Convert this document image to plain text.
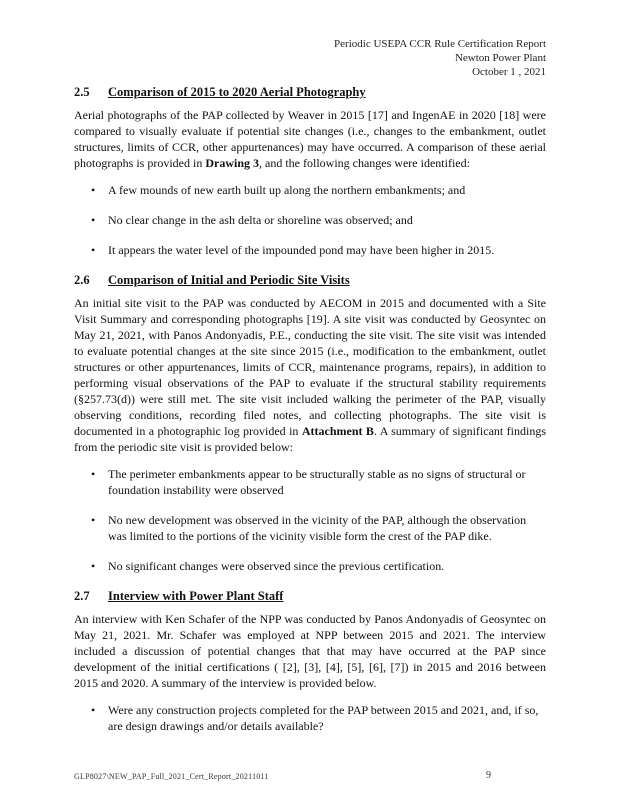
Periodic USEPA CCR Rule Certification Report
Newton Power Plant
October 1 , 2021
2.5	Comparison of 2015 to 2020 Aerial Photography

Aerial photographs of the PAP collected by Weaver in 2015 [17] and IngenAE in 2020 [18] were compared to visually evaluate if potential site changes (i.e., changes to the embankment, outlet structures, limits of CCR, other appurtenances) may have occurred. A comparison of these aerial photographs is provided in Drawing 3, and the following changes were identified:

• A few mounds of new earth built up along the northern embankments; and
• No clear change in the ash delta or shoreline was observed; and
• It appears the water level of the impounded pond may have been higher in 2015.
2.6	Comparison of Initial and Periodic Site Visits

An initial site visit to the PAP was conducted by AECOM in 2015 and documented with a Site Visit Summary and corresponding photographs [19]. A site visit was conducted by Geosyntec on May 21, 2021, with Panos Andonyadis, P.E., conducting the site visit. The site visit was intended to evaluate potential changes at the site since 2015 (i.e., modification to the embankment, outlet structures or other appurtenances, limits of CCR, maintenance programs, repairs), in addition to performing visual observations of the PAP to evaluate if the structural stability requirements (§257.73(d)) were still met. The site visit included walking the perimeter of the PAP, visually observing conditions, recording filed notes, and collecting photographs. The site visit is documented in a photographic log provided in Attachment B. A summary of significant findings from the periodic site visit is provided below:

• The perimeter embankments appear to be structurally stable as no signs of structural or foundation instability were observed
• No new development was observed in the vicinity of the PAP, although the observation was limited to the portions of the vicinity visible form the crest of the PAP dike.
• No significant changes were observed since the previous certification.
2.7	Interview with Power Plant Staff

An interview with Ken Schafer of the NPP was conducted by Panos Andonyadis of Geosyntec on May 21, 2021. Mr. Schafer was employed at NPP between 2015 and 2021. The interview included a discussion of potential changes that that may have occurred at the PAP since development of the initial certifications ( [2], [3], [4], [5], [6], [7]) in 2015 and 2016 between 2015 and 2020. A summary of the interview is provided below.

• Were any construction projects completed for the PAP between 2015 and 2021, and, if so, are design drawings and/or details available?
GLP8027\NEW_PAP_Full_2021_Cert_Report_20211011	9
